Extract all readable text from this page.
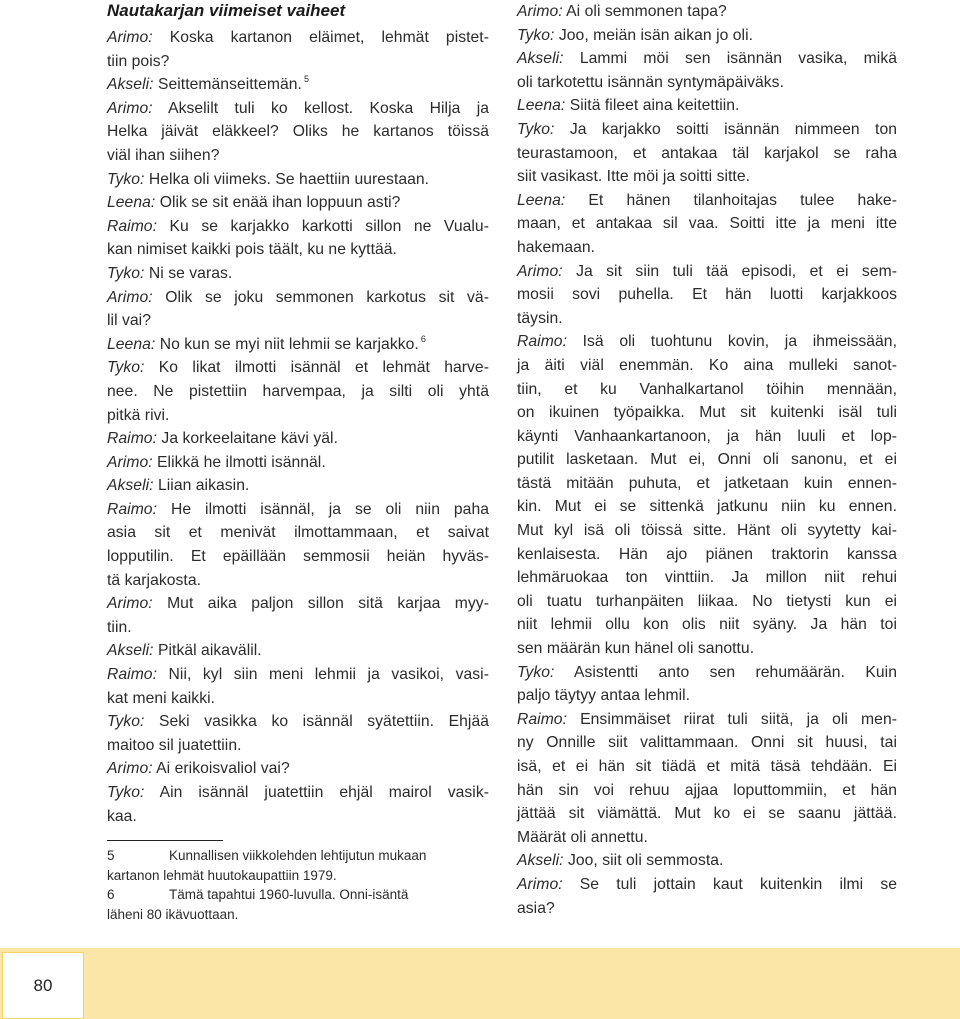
Nautakarjan viimeiset vaiheet
Arimo: Koska kartanon eläimet, lehmät pistet-
tiin pois?
Akseli: Seittemänseittemän. $^5$
Arimo: Akselilt tuli ko kellost. Koska Hilja ja
Helka jäivät eläkkeel? Oliks he kartanos töissä
viäl ihan siihen?
Tyko: Helka oli viimeks. Se haettiin uurestaan.
Leena: Olik se sit enää ihan loppuun asti?
Raimo: Ku se karjakko karkotti sillon ne Vualu-
kan nimiset kaikki pois täält, ku ne kyttää.
Tyko: Ni se varas.
Arimo: Olik se joku semmonen karkotus sit vä-
lil vai?
Leena: No kun se myi niit lehmii se karjakko. $^6$
Tyko: Ko likat ilmotti isännäl et lehmät harve-
nee. Ne pistettiin harvempaa, ja silti oli yhtä
pitkä rivi.
Raimo: Ja korkeelaitane kävi yäl.
Arimo: Elikkä he ilmotti isännäl.
Akseli: Liian aikasin.
Raimo: He ilmotti isännäl, ja se oli niin paha
asia sit et menivät ilmottammaan, et saivat
lopputilin. Et epäillään semmosii heiän hyväs-
tä karjakosta.
Arimo: Mut aika paljon sillon sitä karjaa myy-
tiin.
Akseli: Pitkäl aikavälil.
Raimo: Nii, kyl siin meni lehmii ja vasikoi, vasi-
kat meni kaikki.
Tyko: Seki vasikka ko isännäl syätettiin. Ehjää
maitoo sil juatettiin.
Arimo: Ai erikoisvaliol vai?
Tyko: Ain isännäl juatettiin ehjäl mairol vasik-
kaa.
Arimo: Ai oli semmonen tapa?
Tyko: Joo, meiän isän aikan jo oli.
Akseli: Lammi möi sen isännän vasika, mikä
oli tarkotettu isännän syntymäpäiväks.
Leena: Siitä fileet aina keitettiin.
Tyko: Ja karjakko soitti isännän nimmeen ton
teurastamoon, et antakaa täl karjakol se raha
siit vasikast. Itte möi ja soitti sitte.
Leena: Et hänen tilanhoitajas tulee hake-
maan, et antakaa sil vaa. Soitti itte ja meni itte
hakemaan.
Arimo: Ja sit siin tuli tää episodi, et ei sem-
mosii sovi puhella. Et hän luotti karjakkoos
täysin.
Raimo: Isä oli tuohtunu kovin, ja ihmeissään,
ja äiti viäl enemmän. Ko aina mulleki sanot-
tiin, et ku Vanhalkartanol töihin mennään,
on ikuinen työpaikka. Mut sit kuitenki isäl tuli
käynti Vanhaankartanoon, ja hän luuli et lop-
putilit lasketaan. Mut ei, Onni oli sanonu, et ei
tästä mitään puhuta, et jatketaan kuin ennen-
kin. Mut ei se sittenkä jatkunu niin ku ennen.
Mut kyl isä oli töissä sitte. Hänt oli syytetty kai-
kenlaisesta. Hän ajo piänen traktorin kanssa
lehmäruokaa ton vinttiin. Ja millon niit rehui
oli tuatu turhanpäiten liikaa. No tietysti kun ei
niit lehmii ollu kon olis niit syäny. Ja hän toi
sen määrän kun hänel oli sanottu.
Tyko: Asistentti anto sen rehumäärän. Kuin
paljo täytyy antaa lehmil.
Raimo: Ensimmäiset riirat tuli siitä, ja oli men-
ny Onnille siit valittammaan. Onni sit huusi, tai
isä, et ei hän sit tiädä et mitä täsä tehdään. Ei
hän sin voi rehuu ajjaa loputtommiin, et hän
jättää sit viämättä. Mut ko ei se saanu jättää.
Määrät oli annettu.
Akseli: Joo, siit oli semmosta.
Arimo: Se tuli jottain kaut kuitenkin ilmi se
asia?
5	Kunnallisen viikkolehden lehtijutun mukaan
kartanon lehmät huutokaupattiin 1979.
6	Tämä tapahtui 1960-luvulla. Onni-isäntä
läheni 80 ikävuottaan.
80
